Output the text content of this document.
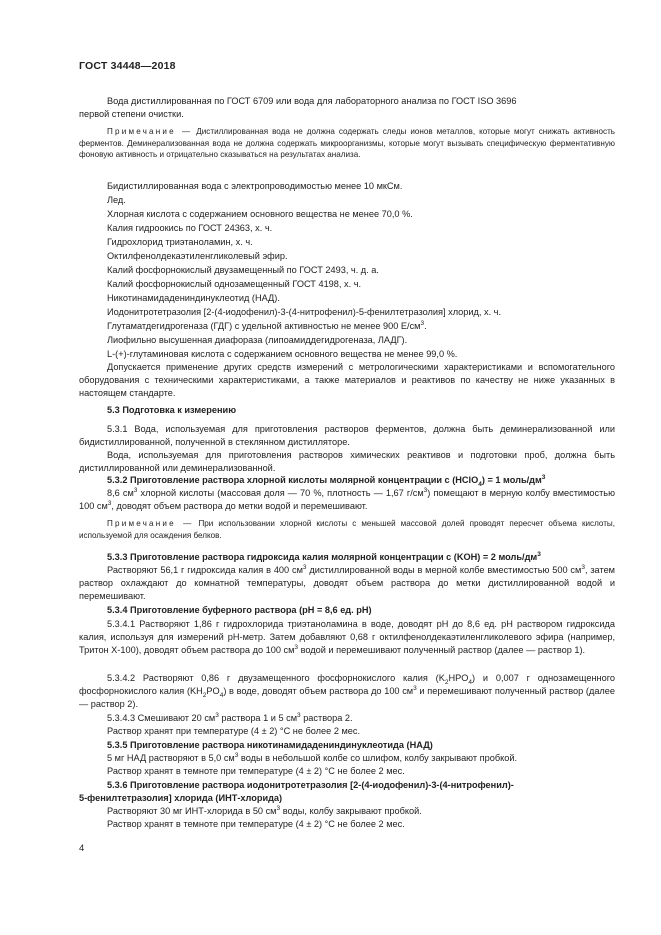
ГОСТ 34448—2018
Вода дистиллированная по ГОСТ 6709 или вода для лабораторного анализа по ГОСТ ISO 3696
первой степени очистки.
Примечание — Дистиллированная вода не должна содержать следы ионов металлов, которые могут снижать активность ферментов. Деминерализованная вода не должна содержать микроорганизмы, которые могут вызывать специфическую ферментативную фоновую активность и отрицательно сказываться на результатах анализа.
Бидистиллированная вода с электропроводимостью менее 10 мкСм.
Лед.
Хлорная кислота с содержанием основного вещества не менее 70,0 %.
Калия гидроокись по ГОСТ 24363, х. ч.
Гидрохлорид триэтаноламин, х. ч.
Октилфенолдекаэтиленгликолевый эфир.
Калий фосфорнокислый двузамещенный по ГОСТ 2493, ч. д. а.
Калий фосфорнокислый однозамещенный ГОСТ 4198, х. ч.
Никотинамидадениндинуклеотид (НАД).
Иодонитротетразолия [2-(4-иодофенил)-3-(4-нитрофенил)-5-фенилтетразолия] хлорид, х. ч.
Глутаматдегидрогеназа (ГДГ) с удельной активностью не менее 900 $Е/см^3$.
Лиофильно высушенная диафораза (липоамиддегидрогеназа, ЛАДГ).
L-(+)-глутаминовая кислота с содержанием основного вещества не менее 99,0 %.
Допускается применение других средств измерений с метрологическими характеристиками и вспомогательного оборудования с техническими характеристиками, а также материалов и реактивов по качеству не ниже указанных в настоящем стандарте.
5.3 Подготовка к измерению
5.3.1 Вода, используемая для приготовления растворов ферментов, должна быть деминерализованной или бидистиллированной, полученной в стеклянном дистилляторе.
Вода, используемая для приготовления растворов химических реактивов и подготовки проб, должна быть дистиллированной или деминерализованной.
5.3.2 Приготовление раствора хлорной кислоты молярной концентрации с (HClO$_4$) = 1 моль/$дм^3$
8,6 $см^3$ хлорной кислоты (массовая доля — 70 %, плотность — 1,67 $г/см^3$) помещают в мерную колбу вместимостью 100 $см^3$, доводят объем раствора до метки водой и перемешивают.
Примечание — При использовании хлорной кислоты с меньшей массовой долей проводят пересчет объема кислоты, используемой для осаждения белков.
5.3.3 Приготовление раствора гидроксида калия молярной концентрации с (KOH) = 2 моль/$дм^3$
Растворяют 56,1 г гидроксида калия в 400 $см^3$ дистиллированной воды в мерной колбе вместимостью 500 $см^3$, затем раствор охлаждают до комнатной температуры, доводят объем раствора до метки дистиллированной водой и перемешивают.
5.3.4 Приготовление буферного раствора (pH = 8,6 ед. pH)
5.3.4.1 Растворяют 1,86 г гидрохлорида триэтаноламина в воде, доводят pH до 8,6 ед. pH раствором гидроксида калия, используя для измерений pH-метр. Затем добавляют 0,68 г октилфенолдекаэтиленгликолевого эфира (например, Тритон Х-100), доводят объем раствора до 100 $см^3$ водой и перемешивают полученный раствор (далее — раствор 1).
5.3.4.2 Растворяют 0,86 г двузамещенного фосфорнокислого калия $(K_2HPO_4)$ и 0,007 г однозамещенного фосфорнокислого калия $(KH_2PO_4)$ в воде, доводят объем раствора до 100 $см^3$ и перемешивают полученный раствор (далее — раствор 2).
5.3.4.3 Смешивают 20 $см^3$ раствора 1 и 5 $см^3$ раствора 2.
Раствор хранят при температуре (4 ± 2) °С не более 2 мес.
5.3.5 Приготовление раствора никотинамидадениндинуклеотида (НАД)
5 мг НАД растворяют в 5,0 $см^3$ воды в небольшой колбе со шлифом, колбу закрывают пробкой.
Раствор хранят в темноте при температуре (4 ± 2) °С не более 2 мес.
5.3.6 Приготовление раствора иодонитротетразолия [2-(4-иодофенил)-3-(4-нитрофенил)-
5-фенилтетразолия] хлорида (ИНТ-хлорида)
Растворяют 30 мг ИНТ-хлорида в 50 $см^3$ воды, колбу закрывают пробкой.
Раствор хранят в темноте при температуре (4 ± 2) °С не более 2 мес.
4
